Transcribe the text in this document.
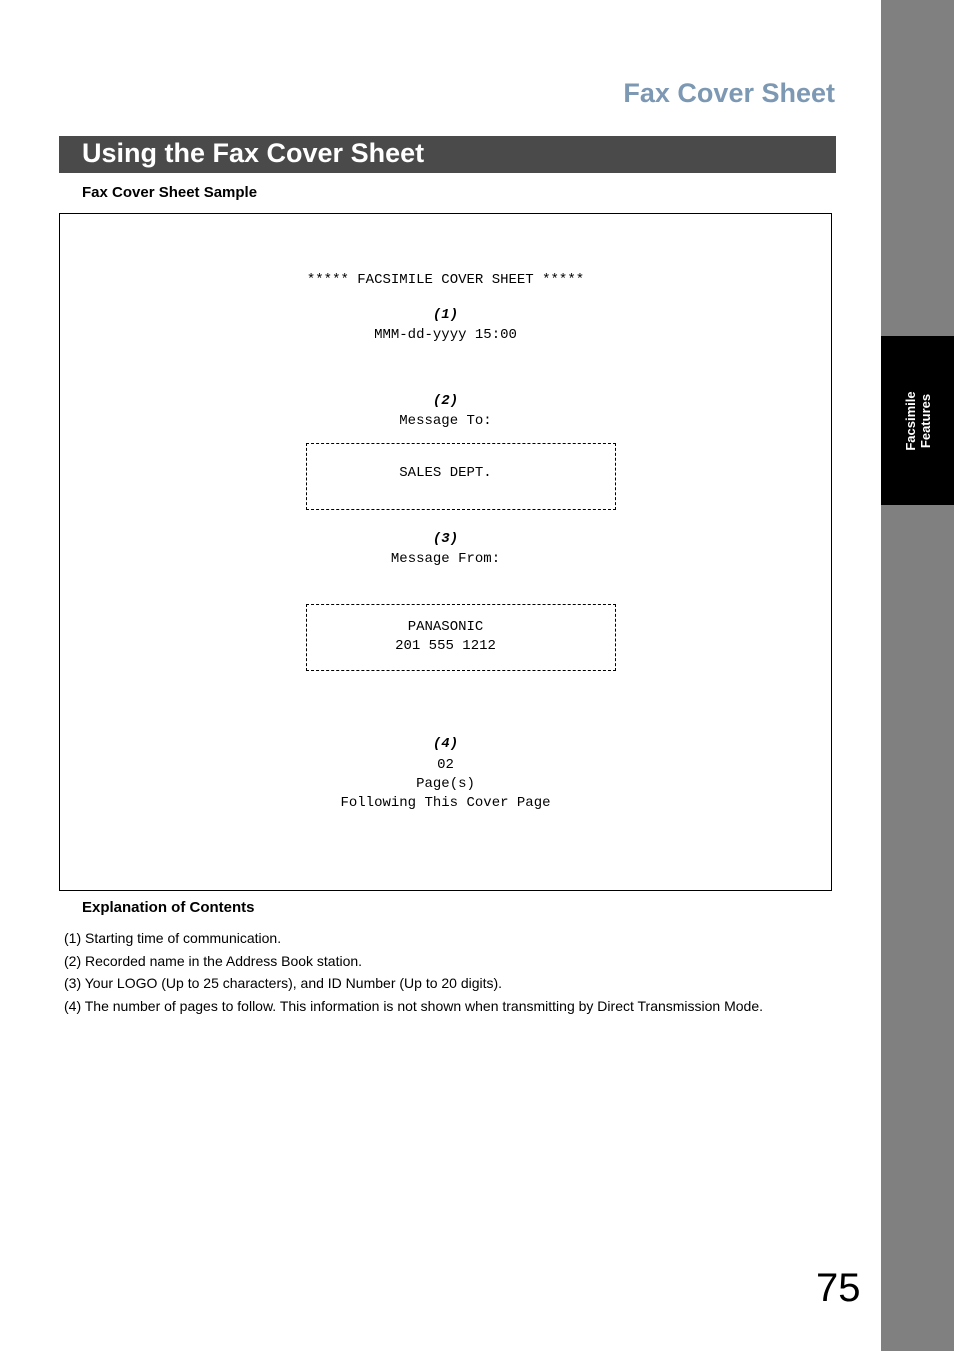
Facsimile Features
Fax Cover Sheet
Using the Fax Cover Sheet
Fax Cover Sheet Sample
***** FACSIMILE COVER SHEET *****
(1)
MMM-dd-yyyy 15:00
(2)
Message To:
SALES DEPT.
(3)
Message From:
PANASONIC
201 555 1212
(4)
02
Page(s)
Following This Cover Page
Explanation of Contents
(1) Starting time of communication.
(2) Recorded name in the Address Book station.
(3) Your LOGO (Up to 25 characters), and ID Number (Up to 20 digits).
(4) The number of pages to follow. This information is not shown when transmitting by Direct Transmission Mode.
75
